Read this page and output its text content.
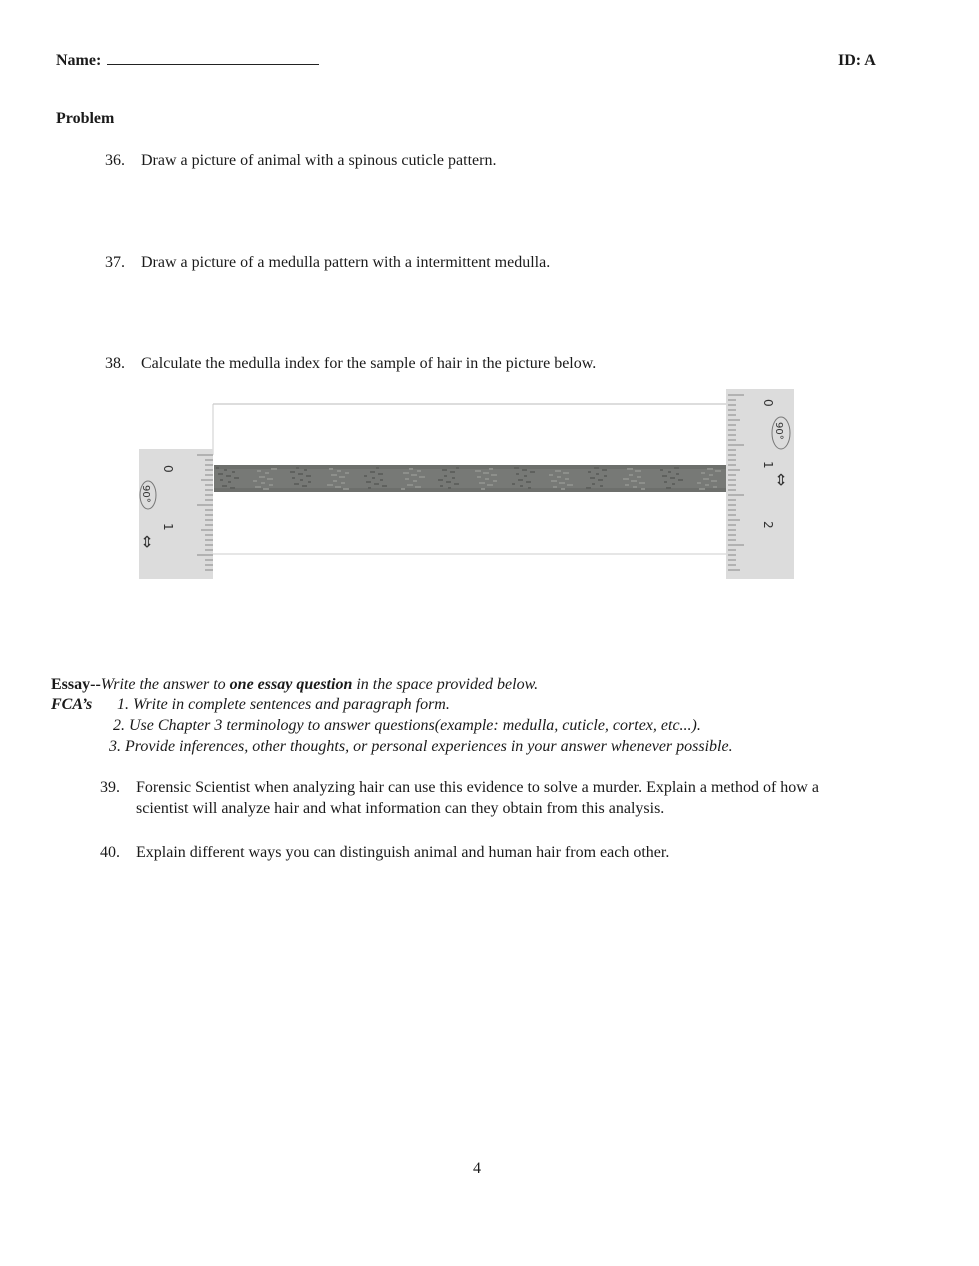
Name:	ID: A
Problem
36. Draw a picture of animal with a spinous cuticle pattern.
37. Draw a picture of a medulla pattern with a intermittent medulla.
38. Calculate the medulla index for the sample of hair in the picture below.
0
1
90°
⇔
0
1
2
90°
⇔
Essay--Write the answer to one essay question in the space provided below.
FCA’s 1. Write in complete sentences and paragraph form.
2. Use Chapter 3 terminology to answer questions(example: medulla, cuticle, cortex, etc...).
3. Provide inferences, other thoughts, or personal experiences in your answer whenever possible.
39. Forensic Scientist when analyzing hair can use this evidence to solve a murder. Explain a method of how a
scientist will analyze hair and what information can they obtain from this analysis.
40. Explain different ways you can distinguish animal and human hair from each other.
4
